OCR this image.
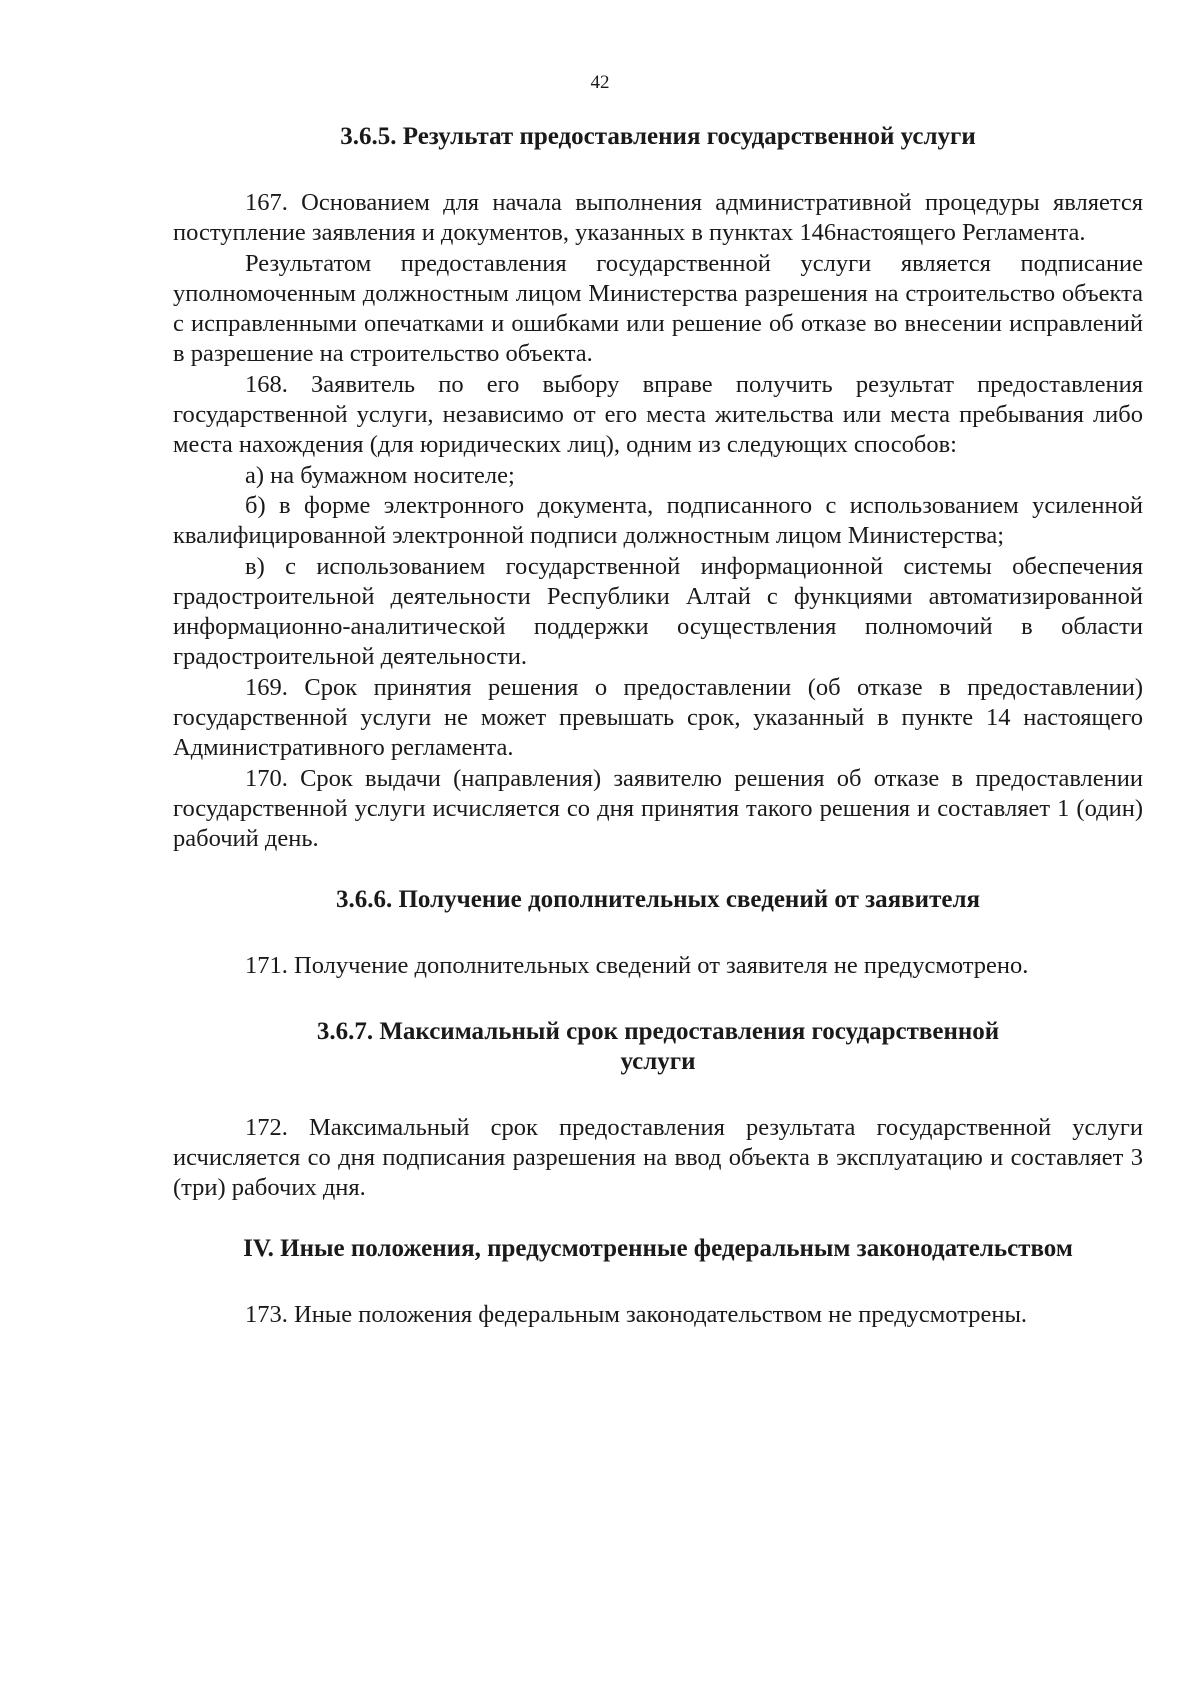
42
3.6.5. Результат предоставления государственной услуги

167. Основанием для начала выполнения административной процедуры является поступление заявления и документов, указанных в пунктах 146настоящего Регламента.

Результатом предоставления государственной услуги является подписание уполномоченным должностным лицом Министерства разрешения на строительство объекта с исправленными опечатками и ошибками или решение об отказе во внесении исправлений в разрешение на строительство объекта.

168. Заявитель по его выбору вправе получить результат предоставления государственной услуги, независимо от его места жительства или места пребывания либо места нахождения (для юридических лиц), одним из следующих способов:

а) на бумажном носителе;

б) в форме электронного документа, подписанного с использованием усиленной квалифицированной электронной подписи должностным лицом Министерства;

в) с использованием государственной информационной системы обеспечения градостроительной деятельности Республики Алтай с функциями автоматизированной информационно-аналитической поддержки осуществления полномочий в области градостроительной деятельности.

169. Срок принятия решения о предоставлении (об отказе в предоставлении) государственной услуги не может превышать срок, указанный в пункте 14 настоящего Административного регламента.

170. Срок выдачи (направления) заявителю решения об отказе в предоставлении государственной услуги исчисляется со дня принятия такого решения и составляет 1 (один) рабочий день.

3.6.6. Получение дополнительных сведений от заявителя

171. Получение дополнительных сведений от заявителя не предусмотрено.

3.6.7. Максимальный срок предоставления государственной
услуги

172. Максимальный срок предоставления результата государственной услуги исчисляется со дня подписания разрешения на ввод объекта в эксплуатацию и составляет 3 (три) рабочих дня.

IV. Иные положения, предусмотренные федеральным законодательством

173. Иные положения федеральным законодательством не предусмотрены.
